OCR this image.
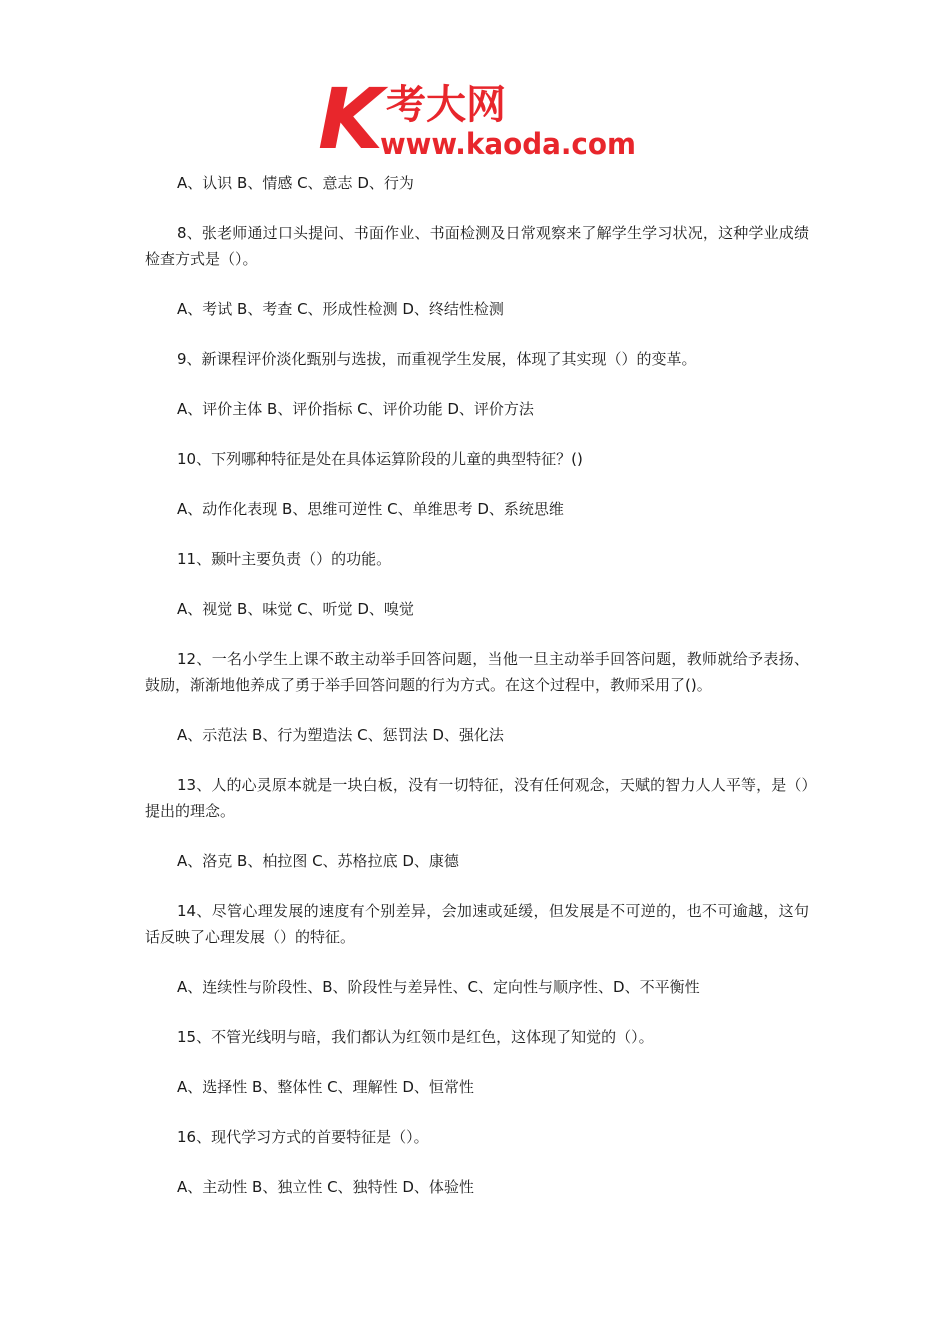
K 考大网
www.kaoda.com

A、认识 B、情感 C、意志 D、行为

8、张老师通过口头提问、书面作业、书面检测及日常观察来了解学生学习状况，这种学业成绩检查方式是（）。

A、考试 B、考查 C、形成性检测 D、终结性检测

9、新课程评价淡化甄别与选拔，而重视学生发展，体现了其实现（）的变革。

A、评价主体 B、评价指标 C、评价功能 D、评价方法

10、下列哪种特征是处在具体运算阶段的儿童的典型特征？()

A、动作化表现 B、思维可逆性 C、单维思考 D、系统思维

11、颞叶主要负责（）的功能。

A、视觉 B、味觉 C、听觉 D、嗅觉

12、一名小学生上课不敢主动举手回答问题，当他一旦主动举手回答问题，教师就给予表扬、鼓励，渐渐地他养成了勇于举手回答问题的行为方式。在这个过程中，教师采用了()。

A、示范法 B、行为塑造法 C、惩罚法 D、强化法

13、人的心灵原本就是一块白板，没有一切特征，没有任何观念，天赋的智力人人平等，是（）提出的理念。

A、洛克 B、柏拉图 C、苏格拉底 D、康德

14、尽管心理发展的速度有个别差异，会加速或延缓，但发展是不可逆的，也不可逾越，这句话反映了心理发展（）的特征。

A、连续性与阶段性、B、阶段性与差异性、C、定向性与顺序性、D、不平衡性

15、不管光线明与暗，我们都认为红领巾是红色，这体现了知觉的（）。

A、选择性 B、整体性 C、理解性 D、恒常性

16、现代学习方式的首要特征是（）。

A、主动性 B、独立性 C、独特性 D、体验性
